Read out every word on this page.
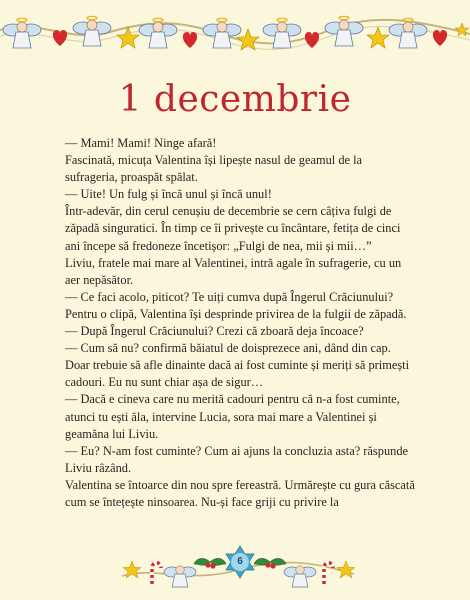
1 decembrie

— Mami! Mami! Ninge afară!

Fascinată, micuța Valentina își lipește nasul de geamul de la sufrageria, proaspăt spălat.

— Uite! Un fulg și încă unul și încă unul!

Într-adevăr, din cerul cenușiu de decembrie se cern câțiva fulgi de zăpadă singuratici. În timp ce îi privește cu încântare, fetița de cinci ani începe să fredoneze încetișor: „Fulgi de nea, mii și mii…”

Liviu, fratele mai mare al Valentinei, intră agale în sufragerie, cu un aer nepăsător.

— Ce faci acolo, piticot? Te uiți cumva după Îngerul Crăciunului?

Pentru o clipă, Valentina își desprinde privirea de la fulgii de zăpadă.

— După Îngerul Crăciunului? Crezi că zboară deja încoace?

— Cum să nu? confirmă băiatul de doisprezece ani, dând din cap. Doar trebuie să afle dinainte dacă ai fost cuminte și meriți să primești cadouri. Eu nu sunt chiar așa de sigur…

— Dacă e cineva care nu merită cadouri pentru că n-a fost cuminte, atunci tu ești ăla, intervine Lucia, sora mai mare a Valentinei și geamăna lui Liviu.

— Eu? N-am fost cuminte? Cum ai ajuns la concluzia asta? răspunde Liviu râzând.

Valentina se întoarce din nou spre fereastră. Urmărește cu gura căscată cum se întețește ninsoarea. Nu-și face griji cu privire la

6
